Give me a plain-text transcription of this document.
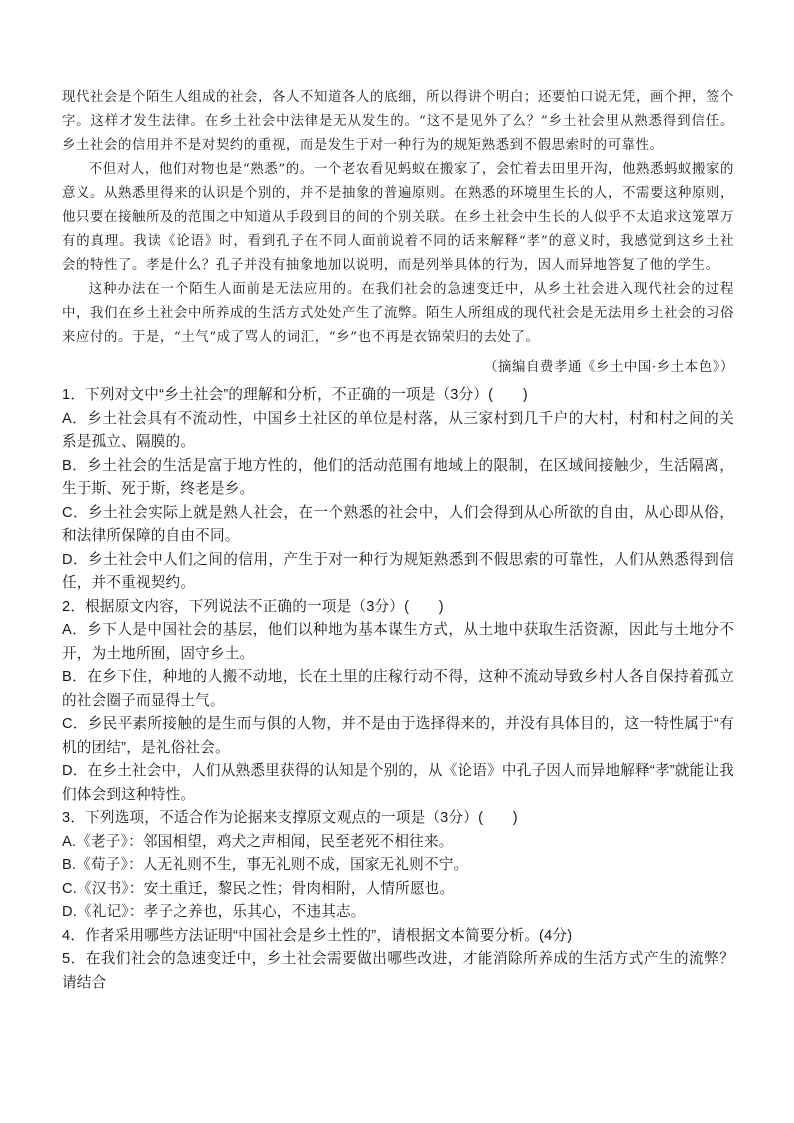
现代社会是个陌生人组成的社会，各人不知道各人的底细，所以得讲个明白；还要怕口说无凭，画个押，签个字。这样才发生法律。在乡土社会中法律是无从发生的。“这不是见外了么？”乡土社会里从熟悉得到信任。乡土社会的信用并不是对契约的重视，而是发生于对一种行为的规矩熟悉到不假思索时的可靠性。

不但对人，他们对物也是“熟悉”的。一个老农看见蚂蚁在搬家了，会忙着去田里开沟，他熟悉蚂蚁搬家的意义。从熟悉里得来的认识是个别的，并不是抽象的普遍原则。在熟悉的环境里生长的人，不需要这种原则，他只要在接触所及的范围之中知道从手段到目的间的个别关联。在乡土社会中生长的人似乎不太追求这笼罩万有的真理。我读《论语》时，看到孔子在不同人面前说着不同的话来解释“孝”的意义时，我感觉到这乡土社会的特性了。孝是什么？孔子并没有抽象地加以说明，而是列举具体的行为，因人而异地答复了他的学生。

这种办法在一个陌生人面前是无法应用的。在我们社会的急速变迁中，从乡土社会进入现代社会的过程中，我们在乡土社会中所养成的生活方式处处产生了流弊。陌生人所组成的现代社会是无法用乡土社会的习俗来应付的。于是，“土气”成了骂人的词汇，“乡”也不再是衣锦荣归的去处了。

（摘编自费孝通《乡土中国·乡土本色》）

1．下列对文中“乡土社会”的理解和分析，不正确的一项是（3分）(　　)

A．乡土社会具有不流动性，中国乡土社区的单位是村落，从三家村到几千户的大村，村和村之间的关系是孤立、隔膜的。

B．乡土社会的生活是富于地方性的，他们的活动范围有地域上的限制，在区域间接触少，生活隔离，生于斯、死于斯，终老是乡。

C．乡土社会实际上就是熟人社会，在一个熟悉的社会中，人们会得到从心所欲的自由，从心即从俗，和法律所保障的自由不同。

D．乡土社会中人们之间的信用，产生于对一种行为规矩熟悉到不假思索的可靠性，人们从熟悉得到信任，并不重视契约。

2．根据原文内容，下列说法不正确的一项是（3分）(　　)

A．乡下人是中国社会的基层，他们以种地为基本谋生方式，从土地中获取生活资源，因此与土地分不开，为土地所囿，固守乡土。

B．在乡下住，种地的人搬不动地，长在土里的庄稼行动不得，这种不流动导致乡村人各自保持着孤立的社会圈子而显得土气。

C．乡民平素所接触的是生而与俱的人物，并不是由于选择得来的，并没有具体目的，这一特性属于“有机的团结”，是礼俗社会。

D．在乡土社会中，人们从熟悉里获得的认知是个别的，从《论语》中孔子因人而异地解释“孝”就能让我们体会到这种特性。

3．下列选项，不适合作为论据来支撑原文观点的一项是（3分）(　　)

A.《老子》：邻国相望，鸡犬之声相闻，民至老死不相往来。

B.《荀子》：人无礼则不生，事无礼则不成，国家无礼则不宁。

C.《汉书》：安土重迁，黎民之性；骨肉相附，人情所愿也。

D.《礼记》：孝子之养也，乐其心，不违其志。

4．作者采用哪些方法证明“中国社会是乡土性的”，请根据文本简要分析。(4分)

5．在我们社会的急速变迁中，乡土社会需要做出哪些改进，才能消除所养成的生活方式产生的流弊？请结合
